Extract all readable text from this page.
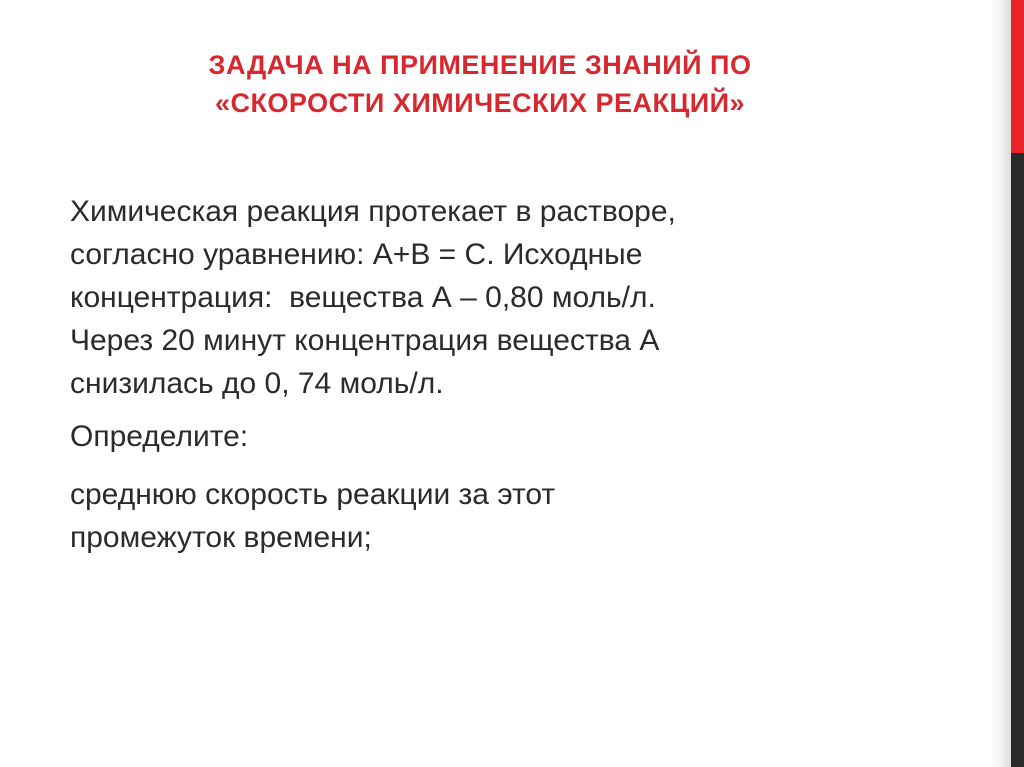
ЗАДАЧА НА ПРИМЕНЕНИЕ ЗНАНИЙ ПО
«СКОРОСТИ ХИМИЧЕСКИХ РЕАКЦИЙ»

Химическая реакция протекает в растворе,
согласно уравнению: А+В = С. Исходные
концентрация:  вещества А – 0,80 моль/л.
Через 20 минут концентрация вещества А
снизилась до 0, 74 моль/л.

Определите:

среднюю скорость реакции за этот
промежуток времени;
